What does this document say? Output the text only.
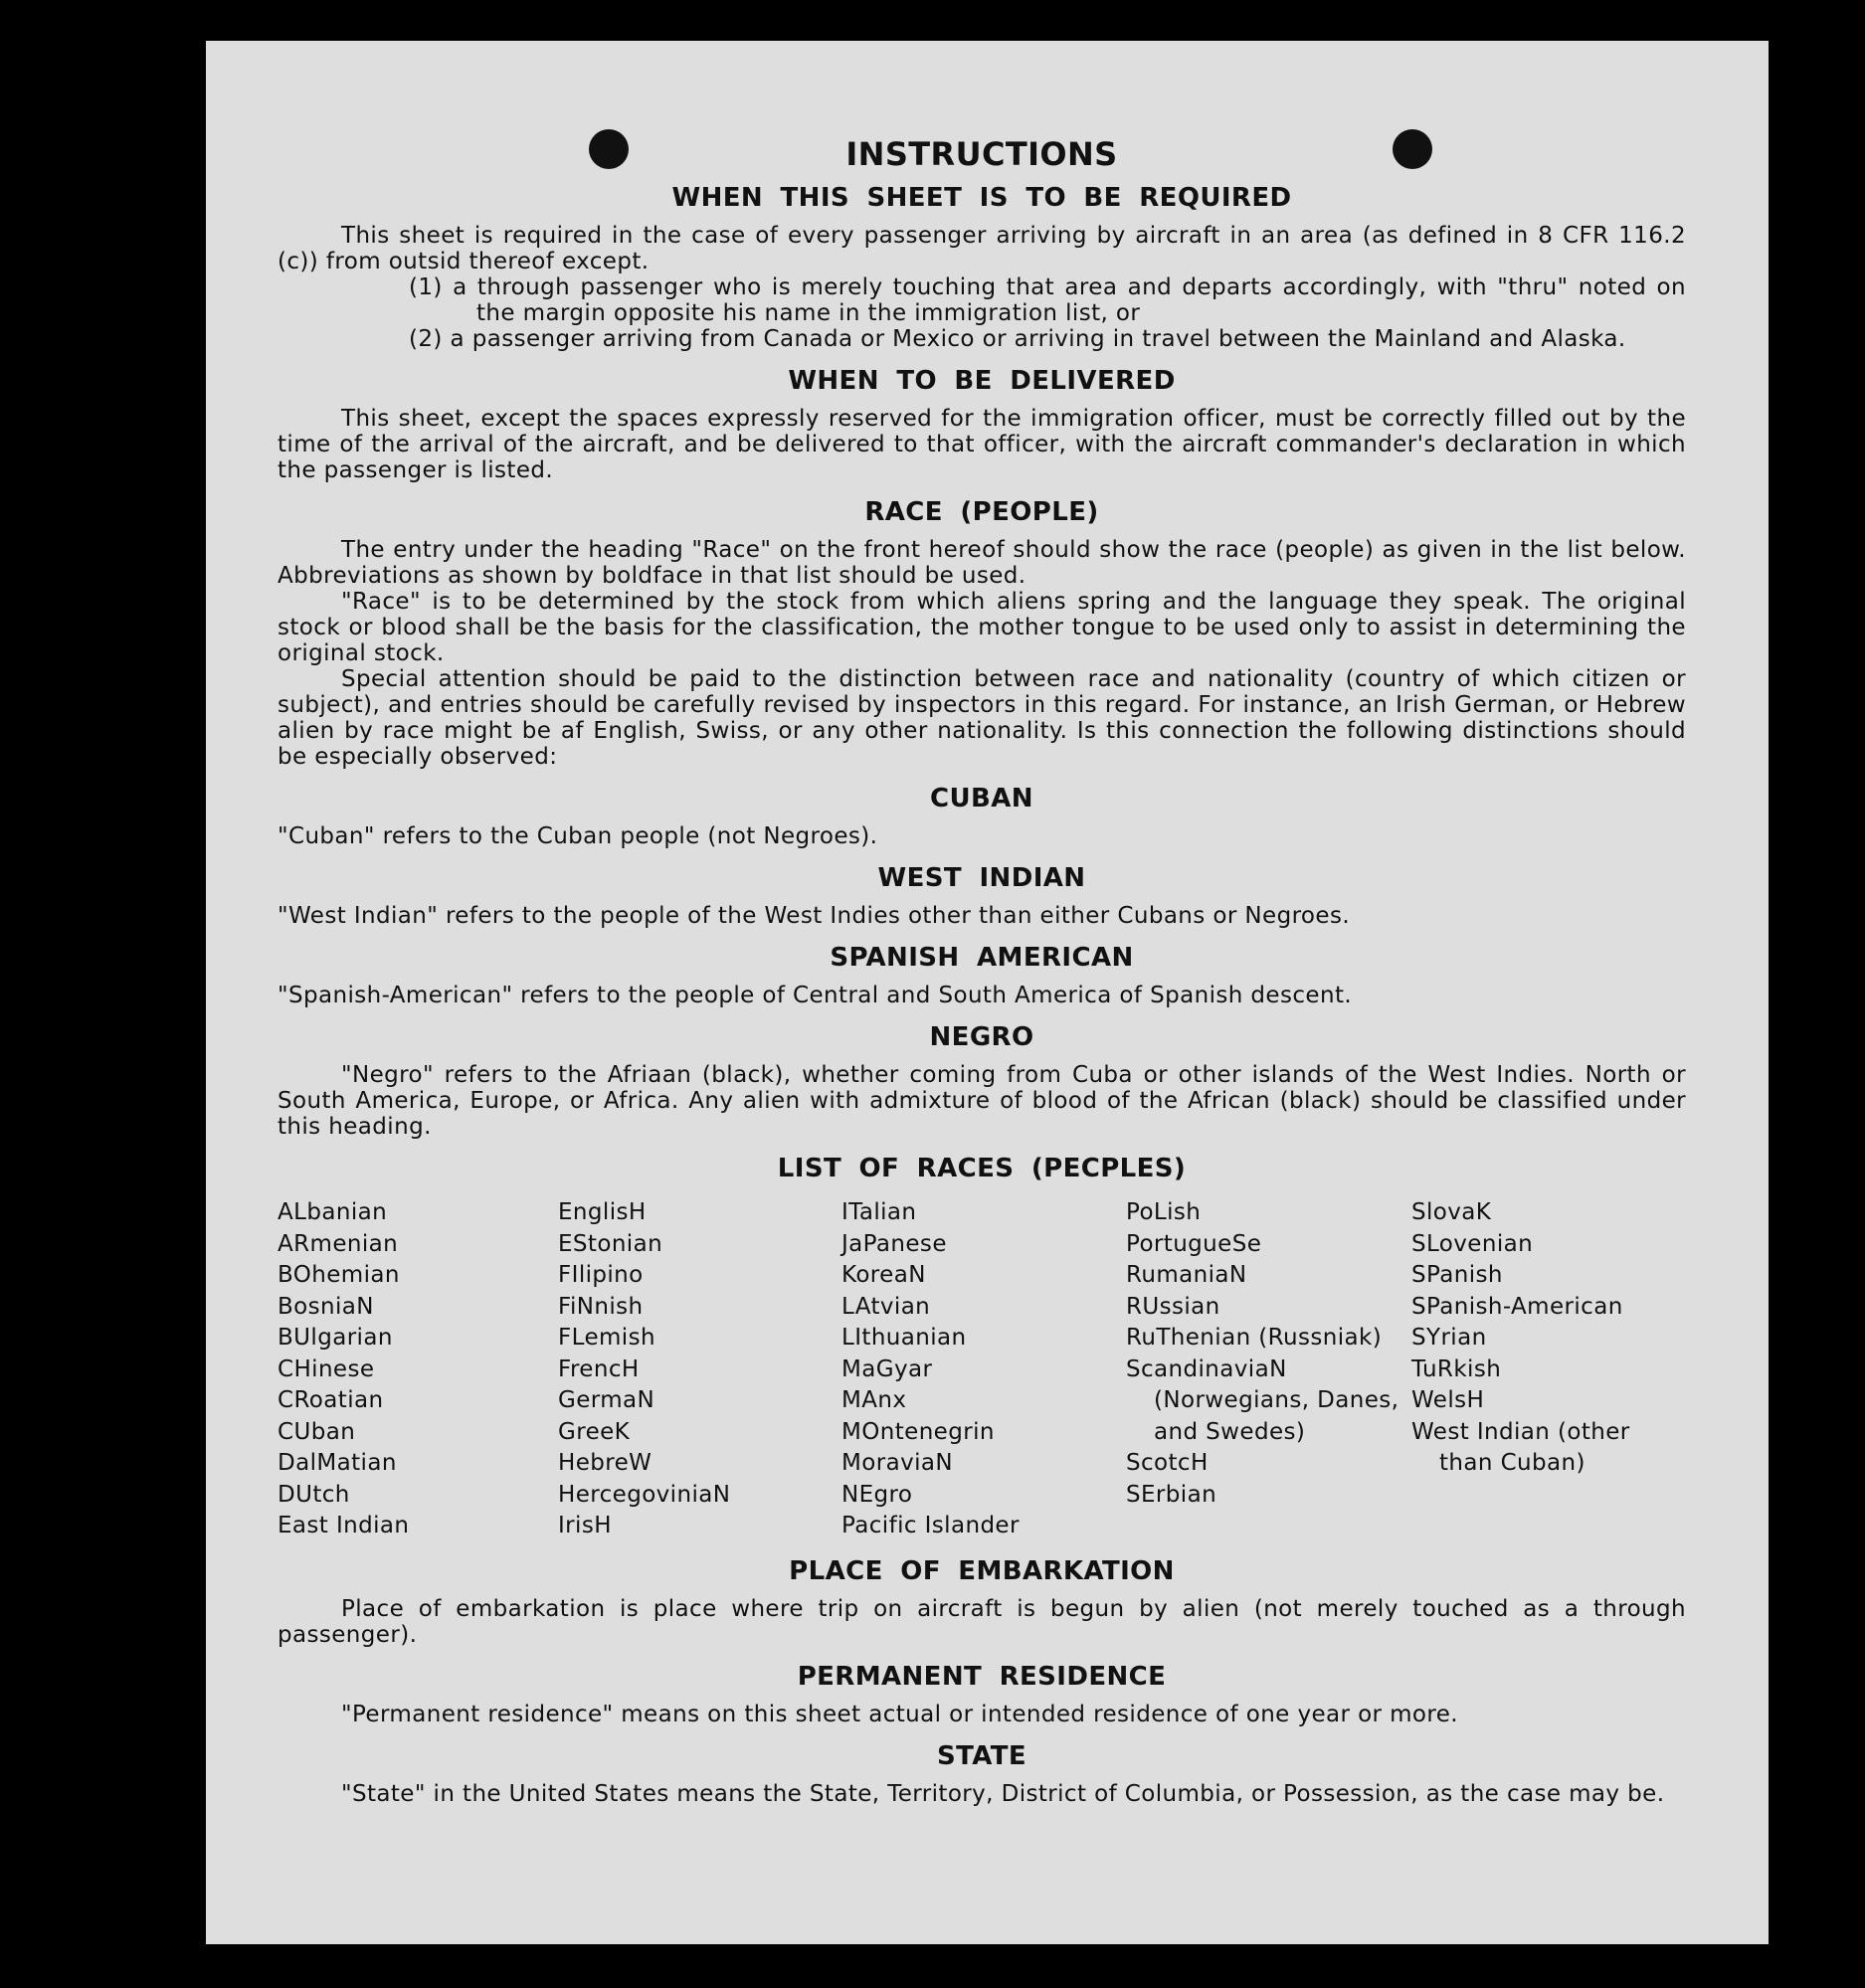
INSTRUCTIONS
WHEN THIS SHEET IS TO BE REQUIRED

This sheet is required in the case of every passenger arriving by aircraft in an area (as defined in 8 CFR 116.2 (c)) from outsid thereof except.

(1) a through passenger who is merely touching that area and departs accordingly, with "thru" noted on the margin opposite his name in the immigration list, or

(2) a passenger arriving from Canada or Mexico or arriving in travel between the Mainland and Alaska.

WHEN TO BE DELIVERED

This sheet, except the spaces expressly reserved for the immigration officer, must be correctly filled out by the time of the arrival of the aircraft, and be delivered to that officer, with the aircraft commander's declaration in which the passenger is listed.

RACE (PEOPLE)

The entry under the heading "Race" on the front hereof should show the race (people) as given in the list below. Abbreviations as shown by boldface in that list should be used.

"Race" is to be determined by the stock from which aliens spring and the language they speak. The original stock or blood shall be the basis for the classification, the mother tongue to be used only to assist in determining the original stock.

Special attention should be paid to the distinction between race and nationality (country of which citizen or subject), and entries should be carefully revised by inspectors in this regard. For instance, an Irish German, or Hebrew alien by race might be af English, Swiss, or any other nationality. Is this connection the following distinctions should be especially observed:

CUBAN

"Cuban" refers to the Cuban people (not Negroes).

WEST INDIAN

"West Indian" refers to the people of the West Indies other than either Cubans or Negroes.

SPANISH AMERICAN

"Spanish-American" refers to the people of Central and South America of Spanish descent.

NEGRO

"Negro" refers to the Afriaan (black), whether coming from Cuba or other islands of the West Indies. North or South America, Europe, or Africa. Any alien with admixture of blood of the African (black) should be classified under this heading.

LIST OF RACES (PECPLES)
ALbanian
ARmenian
BOhemian
BosniaN
BUlgarian
CHinese
CRoatian
CUban
DalMatian
DUtch
East Indian
EnglisH
EStonian
FIlipino
FiNnish
FLemish
FrencH
GermaN
GreeK
HebreW
HercegoviniaN
IrisH
ITalian
JaPanese
KoreaN
LAtvian
LIthuanian
MaGyar
MAnx
MOntenegrin
MoraviaN
NEgro
Pacific Islander
PoLish
PortugueSe
RumaniaN
RUssian
RuThenian (Russniak)
ScandinaviaN (Norwegians, Danes, and Swedes)
ScotcH
SErbian
SlovaK
SLovenian
SPanish
SPanish-American
SYrian
TuRkish
WelsH
West Indian (other than Cuban)
PLACE OF EMBARKATION

Place of embarkation is place where trip on aircraft is begun by alien (not merely touched as a through passenger).

PERMANENT RESIDENCE

"Permanent residence" means on this sheet actual or intended residence of one year or more.

STATE

"State" in the United States means the State, Territory, District of Columbia, or Possession, as the case may be.
